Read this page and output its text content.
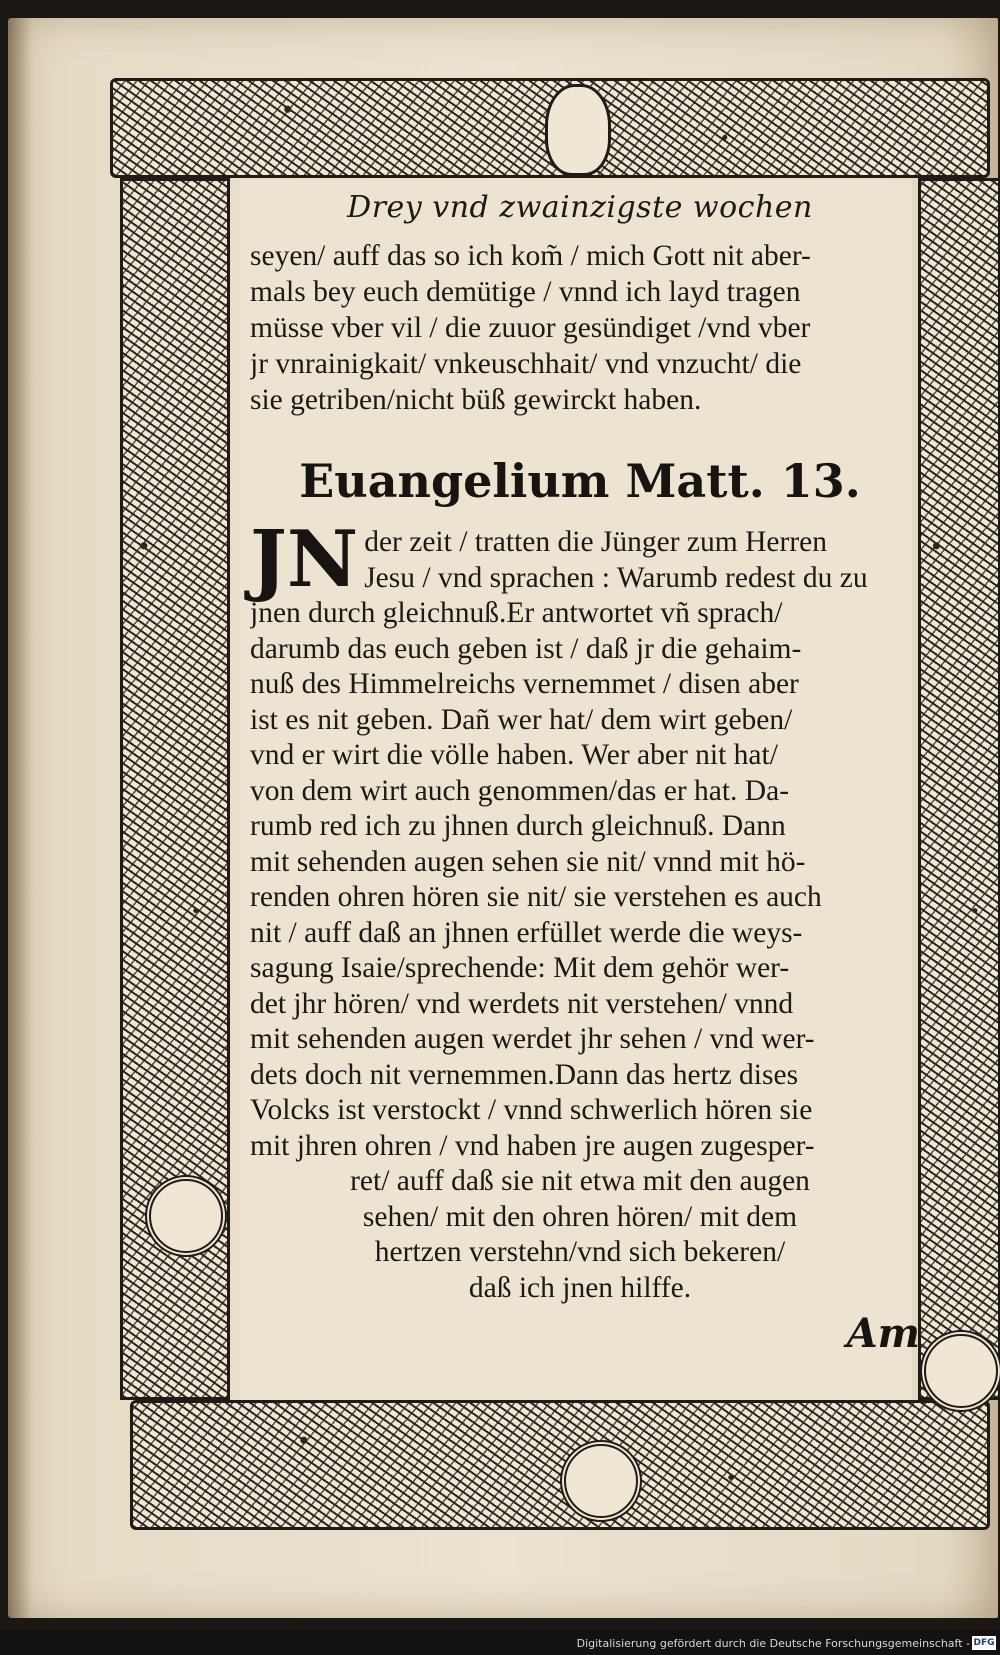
Drey vnd zwainzigste wochen
seyen/ auff das so ich kom̃ / mich Gott nit aber-
mals bey euch demütige / vnnd ich layd tragen
müsse vber vil / die zuuor gesündiget /vnd vber
jr vnrainigkait/ vnkeuschhait/ vnd vnzucht/ die
sie getriben/nicht büß gewirckt haben.
Euangelium Matt. 13.
JN der zeit / tratten die Jünger zum Herren
Jesu / vnd sprachen : Warumb redest du zu
jnen durch gleichnuß.Er antwortet vñ sprach/
darumb das euch geben ist / daß jr die gehaim-
nuß des Himmelreichs vernemmet / disen aber
ist es nit geben. Dañ wer hat/ dem wirt geben/
vnd er wirt die völle haben. Wer aber nit hat/
von dem wirt auch genommen/das er hat. Da-
rumb red ich zu jhnen durch gleichnuß. Dann
mit sehenden augen sehen sie nit/ vnnd mit hö-
renden ohren hören sie nit/ sie verstehen es auch
nit / auff daß an jhnen erfüllet werde die weys-
sagung Isaie/sprechende: Mit dem gehör wer-
det jhr hören/ vnd werdets nit verstehen/ vnnd
mit sehenden augen werdet jhr sehen / vnd wer-
dets doch nit vernemmen.Dann das hertz dises
Volcks ist verstockt / vnnd schwerlich hören sie
mit jhren ohren / vnd haben jre augen zugesper-
ret/ auff daß sie nit etwa mit den augen
sehen/ mit den ohren hören/ mit dem
hertzen verstehn/vnd sich bekeren/
daß ich jnen hilffe.
Am
Digitalisierung gefördert durch die Deutsche Forschungsgemeinschaft - DFG
